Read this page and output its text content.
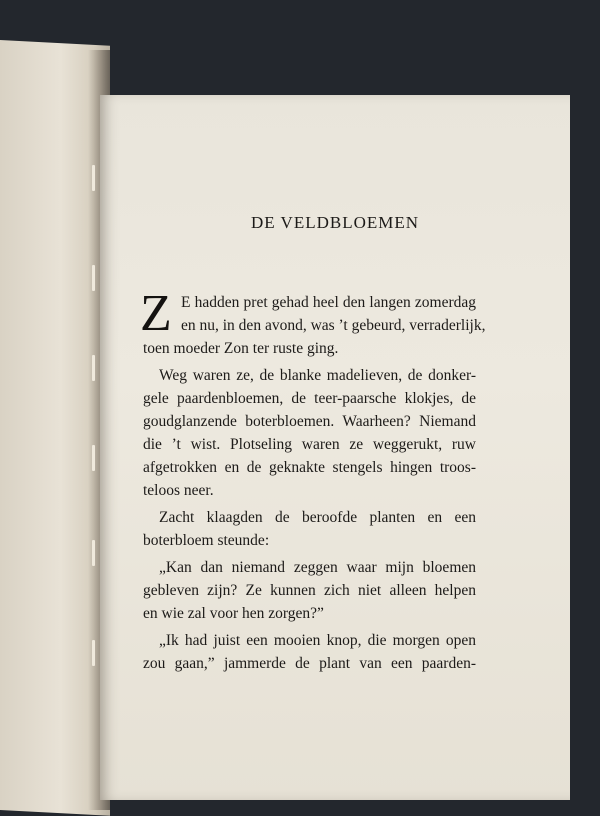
DE VELDBLOEMEN
Z E hadden pret gehad heel den langen zomerdag
en nu, in den avond, was ’t gebeurd, verraderlijk,
toen moeder Zon ter ruste ging.
Weg waren ze, de blanke madelieven, de donker-
gele paardenbloemen, de teer-paarsche klokjes, de
goudglanzende boterbloemen. Waarheen? Niemand
die ’t wist. Plotseling waren ze weggerukt, ruw
afgetrokken en de geknakte stengels hingen troos-
teloos neer.
Zacht klaagden de beroofde planten en een
boterbloem steunde:
„Kan dan niemand zeggen waar mijn bloemen
gebleven zijn? Ze kunnen zich niet alleen helpen
en wie zal voor hen zorgen?”
„Ik had juist een mooien knop, die morgen open
zou gaan,” jammerde de plant van een paarden-
